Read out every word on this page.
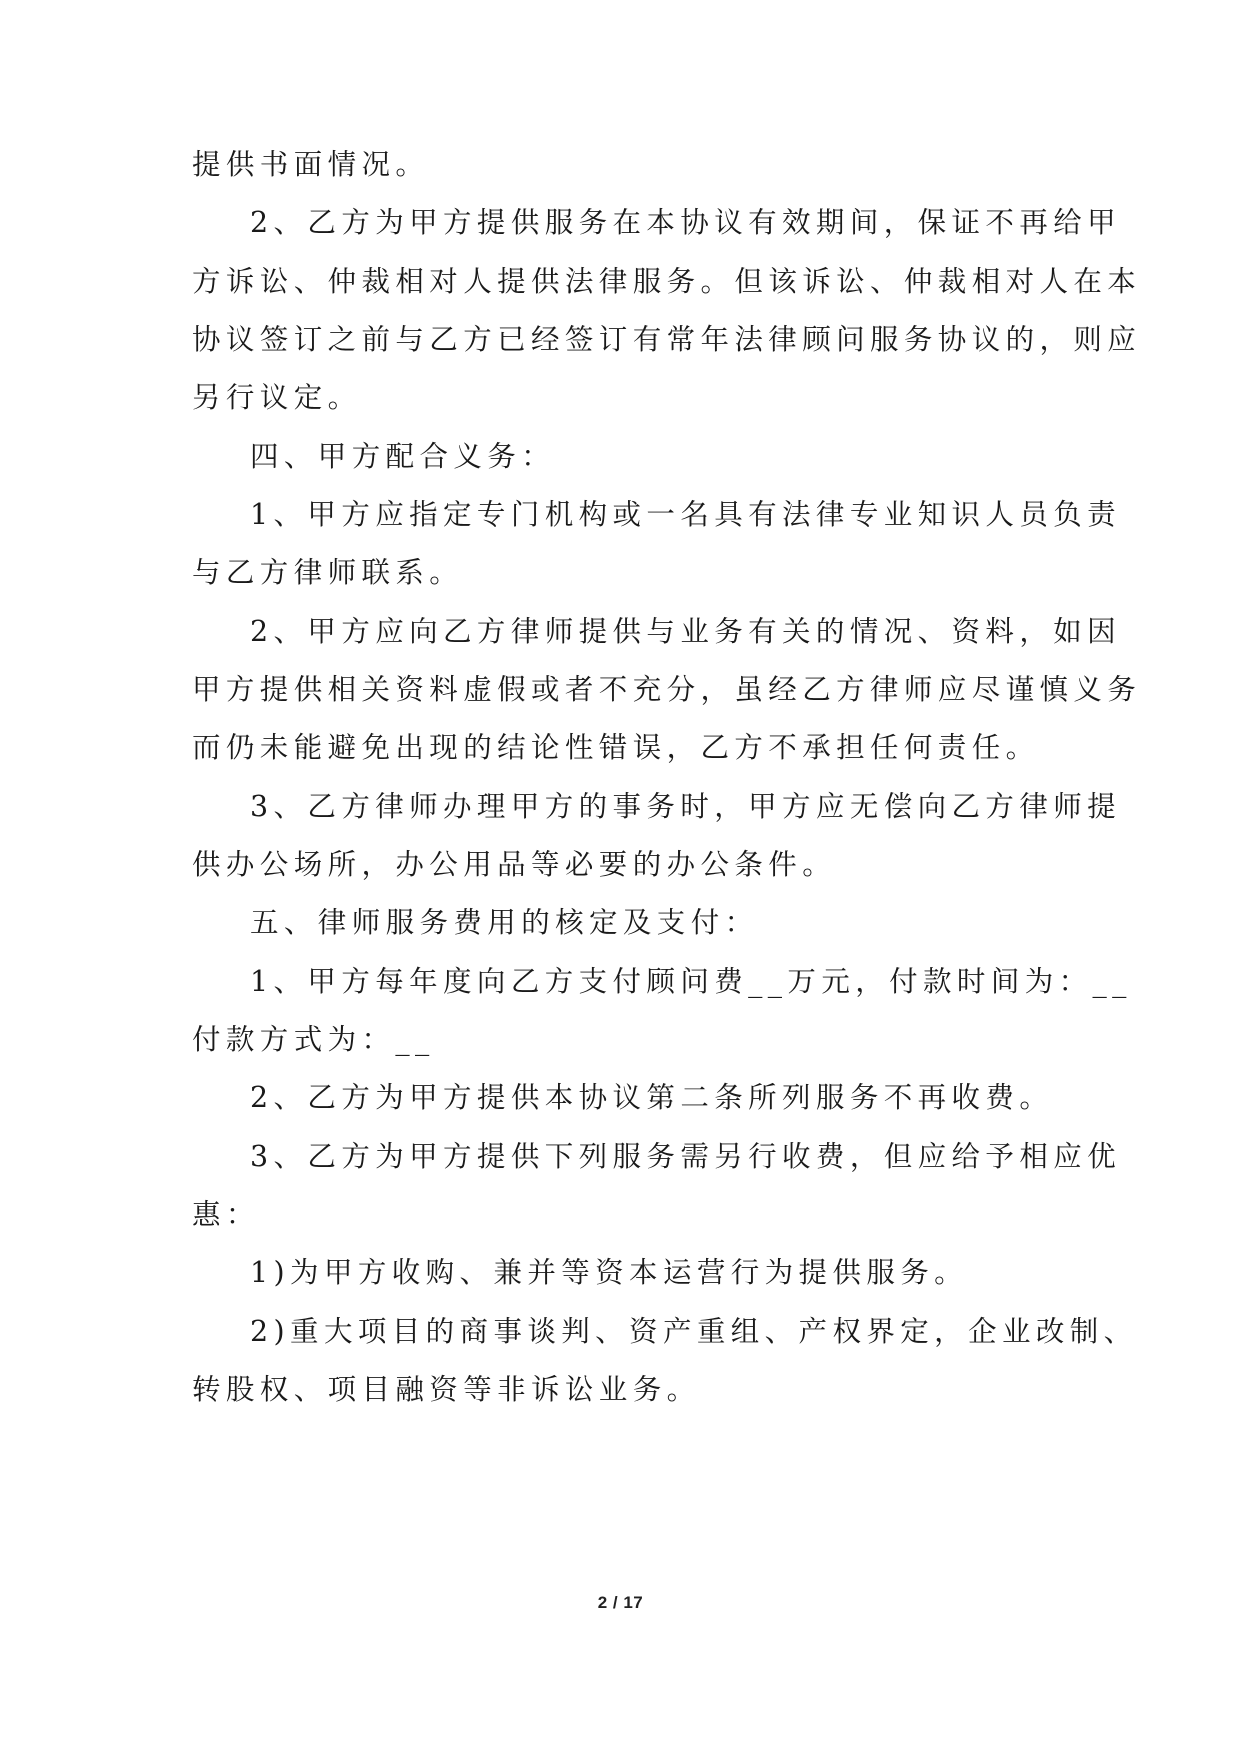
提供书面情况。
2、乙方为甲方提供服务在本协议有效期间，保证不再给甲
方诉讼、仲裁相对人提供法律服务。但该诉讼、仲裁相对人在本
协议签订之前与乙方已经签订有常年法律顾问服务协议的，则应
另行议定。
四、甲方配合义务：
1、甲方应指定专门机构或一名具有法律专业知识人员负责
与乙方律师联系。
2、甲方应向乙方律师提供与业务有关的情况、资料，如因
甲方提供相关资料虚假或者不充分，虽经乙方律师应尽谨慎义务
而仍未能避免出现的结论性错误，乙方不承担任何责任。
3、乙方律师办理甲方的事务时，甲方应无偿向乙方律师提
供办公场所，办公用品等必要的办公条件。
五、律师服务费用的核定及支付：
1、甲方每年度向乙方支付顾问费__万元，付款时间为：__
付款方式为：__
2、乙方为甲方提供本协议第二条所列服务不再收费。
3、乙方为甲方提供下列服务需另行收费，但应给予相应优
惠：
1)为甲方收购、兼并等资本运营行为提供服务。
2)重大项目的商事谈判、资产重组、产权界定，企业改制、
转股权、项目融资等非诉讼业务。
2 / 17
